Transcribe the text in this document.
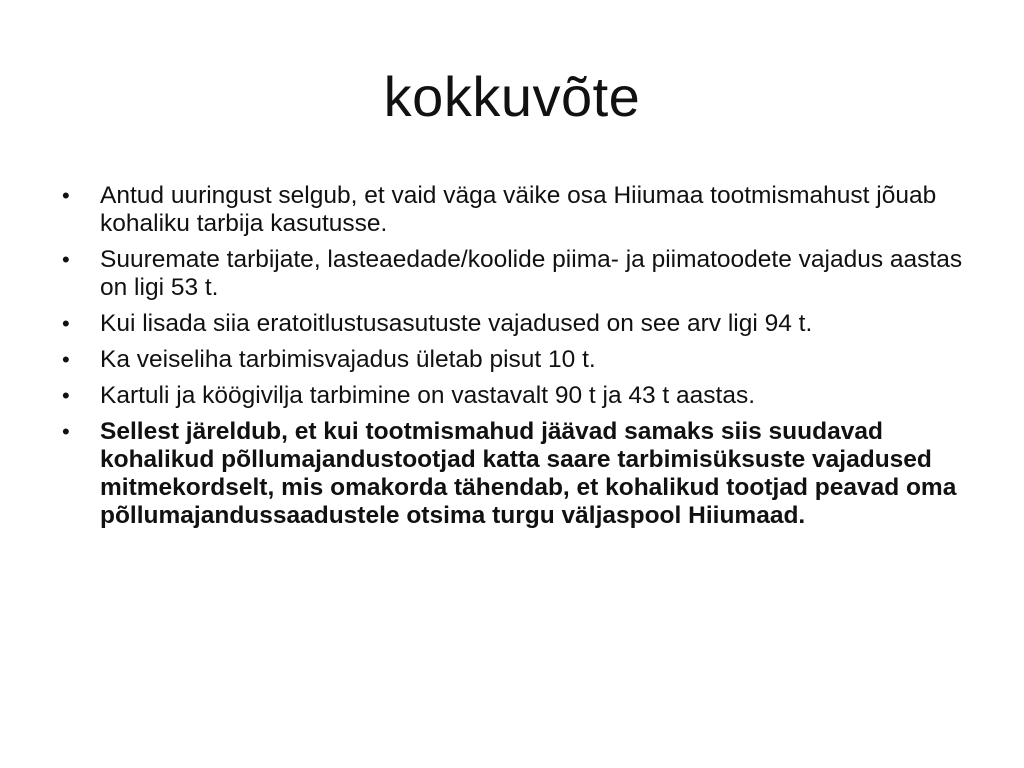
kokkuvõte
•	Antud uuringust selgub, et vaid väga väike osa Hiiumaa tootmismahust jõuab kohaliku tarbija kasutusse.
•	Suuremate tarbijate, lasteaedade/koolide piima- ja piimatoodete vajadus aastas on ligi 53 t.
•	Kui lisada siia eratoitlustusasutuste vajadused on see arv ligi 94 t.
•	Ka veiseliha tarbimisvajadus ületab pisut 10 t.
•	Kartuli ja köögivilja tarbimine on vastavalt 90 t ja 43 t aastas.
•	Sellest järeldub, et kui tootmismahud jäävad samaks siis suudavad kohalikud põllumajandustootjad katta saare tarbimisüksuste vajadused mitmekordselt, mis omakorda tähendab, et kohalikud tootjad peavad oma põllumajandussaadustele otsima turgu väljaspool Hiiumaad.
